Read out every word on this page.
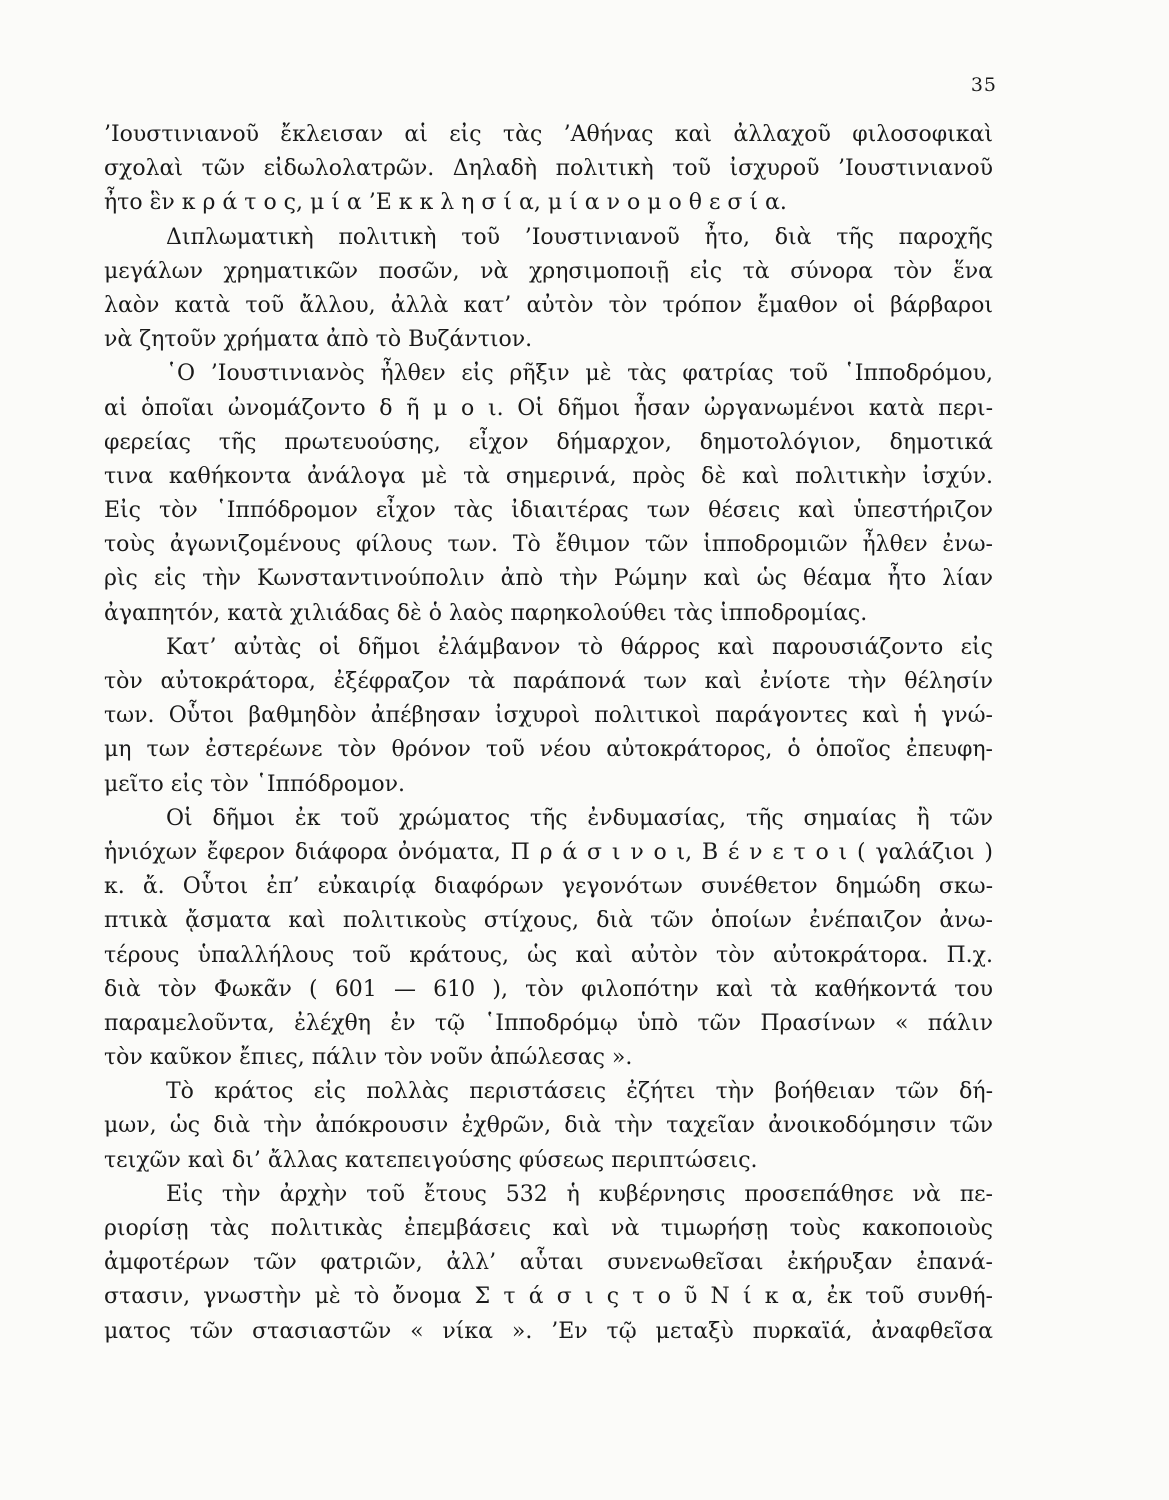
35
’Ιουστινιανοῦ ἔκλεισαν αἱ εἰς τὰς ’Αθήνας καὶ ἀλλαχοῦ φιλοσοφικαὶ
σχολαὶ τῶν εἰδωλολατρῶν. Δηλαδὴ πολιτικὴ τοῦ ἰσχυροῦ ’Ιουστινιανοῦ
ἦτο ἓν κ ρ ά τ ο ς, μ ί α ’Ε κ κ λ η σ ί α, μ ί α ν ο μ ο θ ε σ ί α.
Διπλωματικὴ πολιτικὴ τοῦ ’Ιουστινιανοῦ ἦτο, διὰ τῆς παροχῆς
μεγάλων χρηματικῶν ποσῶν, νὰ χρησιμοποιῇ εἰς τὰ σύνορα τὸν ἕνα
λαὸν κατὰ τοῦ ἄλλου, ἀλλὰ κατ’ αὐτὸν τὸν τρόπον ἔμαθον οἱ βάρβαροι
νὰ ζητοῦν χρήματα ἀπὸ τὸ Βυζάντιον.
῾Ο ’Ιουστινιανὸς ἦλθεν εἰς ρῆξιν μὲ τὰς φατρίας τοῦ ῾Ιπποδρόμου,
αἱ ὁποῖαι ὠνομάζοντο δ ῆ μ ο ι. Οἱ δῆμοι ἦσαν ὠργανωμένοι κατὰ περι-
φερείας τῆς πρωτευούσης, εἶχον δήμαρχον, δημοτολόγιον, δημοτικά
τινα καθήκοντα ἀνάλογα μὲ τὰ σημερινά, πρὸς δὲ καὶ πολιτικὴν ἰσχύν.
Εἰς τὸν ῾Ιππόδρομον εἶχον τὰς ἰδιαιτέρας των θέσεις καὶ ὑπεστήριζον
τοὺς ἀγωνιζομένους φίλους των. Τὸ ἔθιμον τῶν ἱπποδρομιῶν ἦλθεν ἐνω-
ρὶς εἰς τὴν Κωνσταντινούπολιν ἀπὸ τὴν Ρώμην καὶ ὡς θέαμα ἦτο λίαν
ἀγαπητόν, κατὰ χιλιάδας δὲ ὁ λαὸς παρηκολούθει τὰς ἱπποδρομίας.
Κατ’ αὐτὰς οἱ δῆμοι ἐλάμβανον τὸ θάρρος καὶ παρουσιάζοντο εἰς
τὸν αὐτοκράτορα, ἐξέφραζον τὰ παράπονά των καὶ ἐνίοτε τὴν θέλησίν
των. Οὗτοι βαθμηδὸν ἀπέβησαν ἰσχυροὶ πολιτικοὶ παράγοντες καὶ ἡ γνώ-
μη των ἐστερέωνε τὸν θρόνον τοῦ νέου αὐτοκράτορος, ὁ ὁποῖος ἐπευφη-
μεῖτο εἰς τὸν ῾Ιππόδρομον.
Οἱ δῆμοι ἐκ τοῦ χρώματος τῆς ἐνδυμασίας, τῆς σημαίας ἢ τῶν
ἡνιόχων ἔφερον διάφορα ὀνόματα, Π ρ ά σ ι ν ο ι, Β έ ν ε τ ο ι ( γαλάζιοι )
κ. ἄ. Οὗτοι ἐπ’ εὐκαιρίᾳ διαφόρων γεγονότων συνέθετον δημώδη σκω-
πτικὰ ᾄσματα καὶ πολιτικοὺς στίχους, διὰ τῶν ὁποίων ἐνέπαιζον ἀνω-
τέρους ὑπαλλήλους τοῦ κράτους, ὡς καὶ αὐτὸν τὸν αὐτοκράτορα. Π.χ.
διὰ τὸν Φωκᾶν ( 601 — 610 ), τὸν φιλοπότην καὶ τὰ καθήκοντά του
παραμελοῦντα, ἐλέχθη ἐν τῷ ῾Ιπποδρόμῳ ὑπὸ τῶν Πρασίνων « πάλιν
τὸν καῦκον ἔπιες, πάλιν τὸν νοῦν ἀπώλεσας ».
Τὸ κράτος εἰς πολλὰς περιστάσεις ἐζήτει τὴν βοήθειαν τῶν δή-
μων, ὡς διὰ τὴν ἀπόκρουσιν ἐχθρῶν, διὰ τὴν ταχεῖαν ἀνοικοδόμησιν τῶν
τειχῶν καὶ δι’ ἄλλας κατεπειγούσης φύσεως περιπτώσεις.
Εἰς τὴν ἀρχὴν τοῦ ἔτους 532 ἡ κυβέρνησις προσεπάθησε νὰ πε-
ριορίσῃ τὰς πολιτικὰς ἐπεμβάσεις καὶ νὰ τιμωρήσῃ τοὺς κακοποιοὺς
ἀμφοτέρων τῶν φατριῶν, ἀλλ’ αὗται συνενωθεῖσαι ἐκήρυξαν ἐπανά-
στασιν, γνωστὴν μὲ τὸ ὄνομα Σ τ ά σ ι ς τ ο ῦ Ν ί κ α, ἐκ τοῦ συνθή-
ματος τῶν στασιαστῶν « νίκα ». ’Εν τῷ μεταξὺ πυρκαϊά, ἀναφθεῖσα
